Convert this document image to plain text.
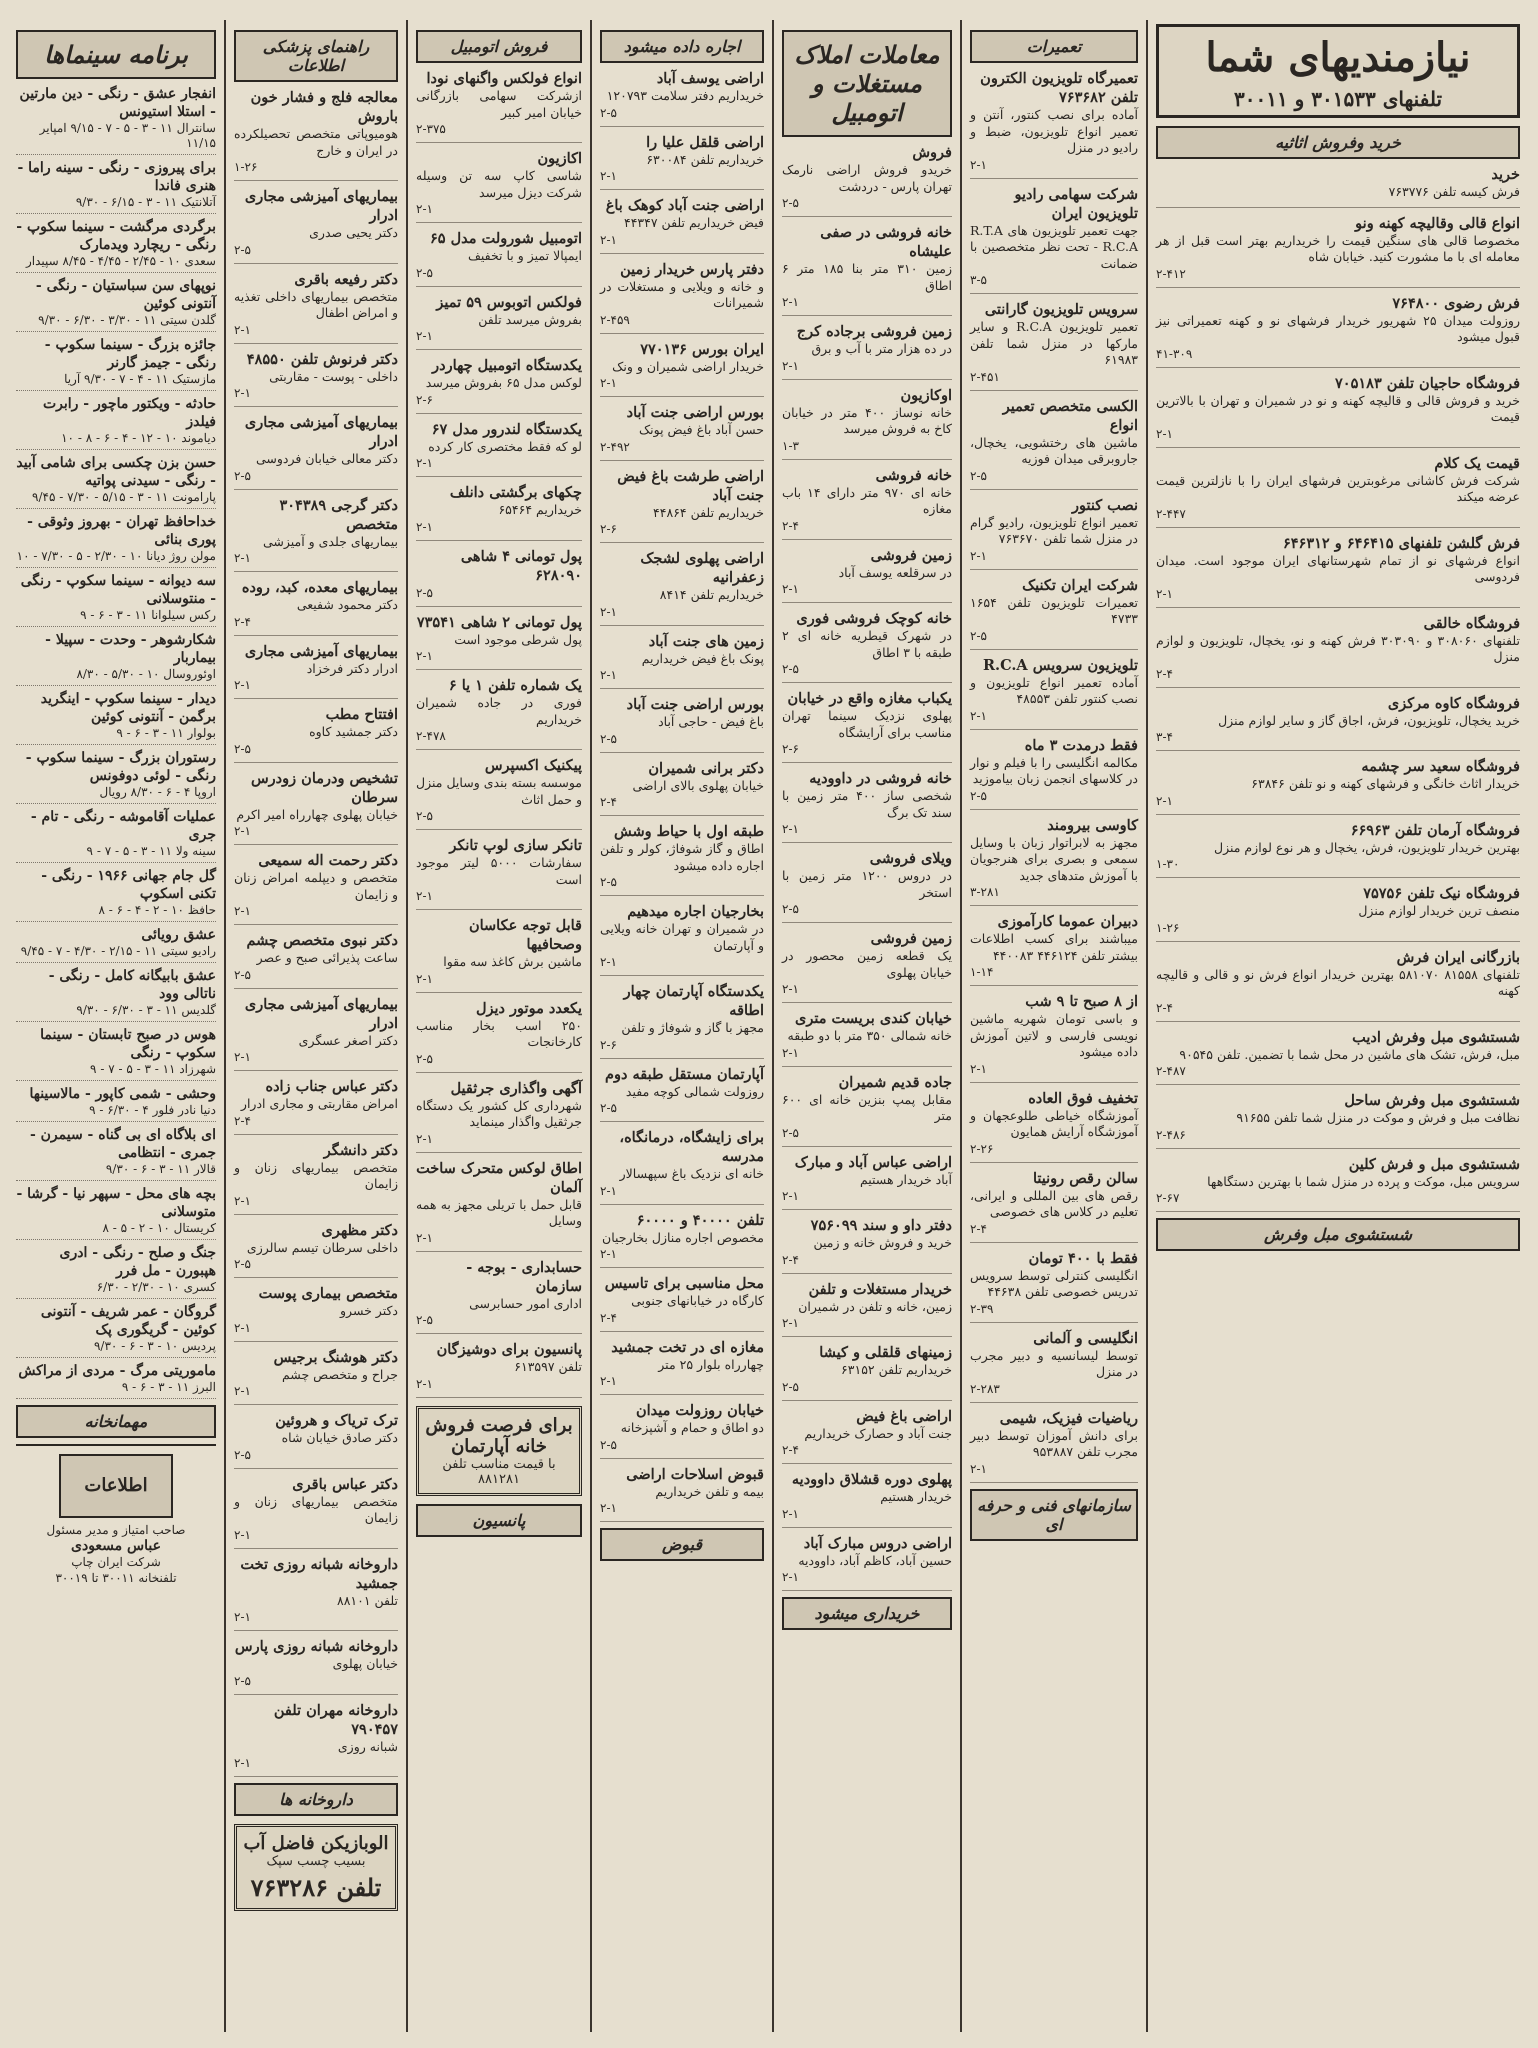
نیازمندیهای شما
تلفنهای ۳۰۱۵۳۳ و ۳۰۰۱۱
خرید وفروش اثاثیه
خرید
فرش کیسه تلفن ۷۶۳۷۷۶
انواع قالی وقالیچه کهنه ونو
مخصوصا قالی های سنگین قیمت را خریداریم بهتر است قبل از هر معامله ای با ما مشورت کنید. خیابان شاه
۲-۴۱۲
فرش رضوی ۷۶۴۸۰۰
روزولت میدان ۲۵ شهریور خریدار فرشهای نو و کهنه تعمیراتی نیز قبول میشود
۴۱-۳۰۹
فروشگاه حاجیان تلفن ۷۰۵۱۸۳
خرید و فروش قالی و قالیچه کهنه و نو در شمیران و تهران با بالاترین قیمت
۲-۱
قیمت یک کلام
شرکت فرش کاشانی مرغوبترین فرشهای ایران را با نازلترین قیمت عرضه میکند
۲-۴۴۷
فرش گلشن تلفنهای ۶۴۶۴۱۵ و ۶۴۶۳۱۲
انواع فرشهای نو از تمام شهرستانهای ایران موجود است. میدان فردوسی
۲-۱
فروشگاه خالقی
تلفنهای ۳۰۸۰۶۰ و ۳۰۳۰۹۰ فرش کهنه و نو، یخچال، تلویزیون و لوازم منزل
۲-۴
فروشگاه کاوه مرکزی
خرید یخچال، تلویزیون، فرش، اجاق گاز و سایر لوازم منزل
۳-۴
فروشگاه سعید سر چشمه
خریدار اثاث خانگی و فرشهای کهنه و نو تلفن ۶۳۸۴۶
۲-۱
فروشگاه آرمان تلفن ۶۶۹۶۳
بهترین خریدار تلویزیون، فرش، یخچال و هر نوع لوازم منزل
۱-۳۰
فروشگاه نیک تلفن ۷۵۷۵۶
منصف ترین خریدار لوازم منزل
۱-۲۶
بازرگانی ایران فرش
تلفنهای ۸۱۵۵۸ ۵۸۱۰۷۰ بهترین خریدار انواع فرش نو و قالی و قالیچه کهنه
۲-۴
شستشوی مبل وفرش ادیب
مبل، فرش، تشک های ماشین در محل شما با تضمین. تلفن ۹۰۵۴۵
۲-۴۸۷
شستشوی مبل وفرش ساحل
نظافت مبل و فرش و موکت در منزل شما تلفن ۹۱۶۵۵
۲-۴۸۶
شستشوی مبل و فرش کلین
سرویس مبل، موکت و پرده در منزل شما با بهترین دستگاهها
۲-۶۷
شستشوی مبل وفرش
تعمیرات
تعمیرگاه تلویزیون الکترون تلفن ۷۶۳۶۸۲
آماده برای نصب کنتور، آنتن و تعمیر انواع تلویزیون، ضبط و رادیو در منزل
۲-۱
شرکت سهامی رادیو تلویزیون ایران
جهت تعمیر تلویزیون های R.T.A - R.C.A تحت نظر متخصصین با ضمانت
۳-۵
سرویس تلویزیون گارانتی
تعمیر تلویزیون R.C.A و سایر مارکها در منزل شما تلفن ۶۱۹۸۳
۲-۴۵۱
الکسی متخصص تعمیر انواع
ماشین های رختشویی، یخچال، جاروبرقی میدان فوزیه
۲-۵
نصب کنتور
تعمیر انواع تلویزیون، رادیو گرام در منزل شما تلفن ۷۶۳۶۷۰
۲-۱
شرکت ایران تکنیک
تعمیرات تلویزیون تلفن ۱۶۵۴ ۴۷۳۳
۲-۵
تلویزیون سرویس R.C.A
آماده تعمیر انواع تلویزیون و نصب کنتور تلفن ۴۸۵۵۳
۲-۱
فقط درمدت ۳ ماه
مکالمه انگلیسی را با فیلم و نوار در کلاسهای انجمن زبان بیاموزید
۲-۵
کاوسی بیرومند
مجهز به لابراتوار زبان با وسایل سمعی و بصری برای هنرجویان با آموزش متدهای جدید
۳-۲۸۱
دبیران عموما کارآموزی
میباشند برای کسب اطلاعات بیشتر تلفن ۴۴۶۱۲۴ ۴۴۰۰۸۳
۱-۱۴
از ۸ صبح تا ۹ شب
و باسی تومان شهریه ماشین نویسی فارسی و لاتین آموزش داده میشود
۲-۱
تخفیف فوق العاده
آموزشگاه خیاطی طلوعجهان و آموزشگاه آرایش همایون
۲-۲۶
سالن رقص رونیتا
رقص های بین المللی و ایرانی، تعلیم در کلاس های خصوصی
۲-۴
فقط با ۴۰۰ تومان
انگلیسی کنترلی توسط سرویس تدریس خصوصی تلفن ۴۴۶۳۸
۲-۳۹
انگلیسی و آلمانی
توسط لیسانسیه و دبیر مجرب در منزل
۲-۲۸۳
ریاضیات فیزیک، شیمی
برای دانش آموزان توسط دبیر مجرب تلفن ۹۵۳۸۸۷
۲-۱
سازمانهای فنی و حرفه ای
معاملات املاک مستغلات و اتومبیل
فروش
خریدو فروش اراضی نارمک تهران پارس - دردشت
۲-۵
خانه فروشی در صفی علیشاه
زمین ۳۱۰ متر بنا ۱۸۵ متر ۶ اطاق
۲-۱
زمین فروشی برجاده کرج
در ده هزار متر با آب و برق
۲-۱
اوکازیون
خانه نوساز ۴۰۰ متر در خیابان کاخ به فروش میرسد
۱-۳
خانه فروشی
خانه ای ۹۷۰ متر دارای ۱۴ باب مغازه
۲-۴
زمین فروشی
در سرقلعه یوسف آباد
۲-۱
خانه کوچک فروشی فوری
در شهرک قیطریه خانه ای ۲ طبقه با ۳ اطاق
۲-۵
یکباب مغازه واقع در خیابان
پهلوی نزدیک سینما تهران مناسب برای آرایشگاه
۲-۶
خانه فروشی در داوودیه
شخصی ساز ۴۰۰ متر زمین با سند تک برگ
۲-۱
ویلای فروشی
در دروس ۱۲۰۰ متر زمین با استخر
۲-۵
زمین فروشی
یک قطعه زمین محصور در خیابان پهلوی
۲-۱
خیابان کندی بریست متری
خانه شمالی ۳۵۰ متر با دو طبقه
۲-۱
جاده قدیم شمیران
مقابل پمپ بنزین خانه ای ۶۰۰ متر
۲-۵
اراضی عباس آباد و مبارک
آباد خریدار هستیم
۲-۱
دفتر داو و سند ۷۵۶۰۹۹
خرید و فروش خانه و زمین
۲-۴
خریدار مستغلات و تلفن
زمین، خانه و تلفن در شمیران
۲-۱
زمینهای قلقلی و کیشا
خریداریم تلفن ۶۳۱۵۲
۲-۵
اراضی باغ فیض
جنت آباد و حصارک خریداریم
۲-۴
پهلوی دوره قشلاق داوودیه
خریدار هستیم
۲-۱
اراضی دروس مبارک آباد
حسین آباد، کاظم آباد، داوودیه
۲-۱
خریداری میشود
اجاره داده میشود
اراضی یوسف آباد
خریداریم دفتر سلامت ۱۲۰۷۹۳
۲-۵
اراضی قلقل علیا را
خریداریم تلفن ۶۳۰۰۸۴
۲-۱
اراضی جنت آباد کوهک باغ
فیض خریداریم تلفن ۴۴۳۴۷
۲-۱
دفتر پارس خریدار زمین
و خانه و ویلایی و مستغلات در شمیرانات
۲-۴۵۹
ایران بورس ۷۷۰۱۳۶
خریدار اراضی شمیران و ونک
۲-۱
بورس اراضی جنت آباد
حسن آباد باغ فیض پونک
۲-۴۹۲
اراضی طرشت باغ فیض جنت آباد
خریداریم تلفن ۴۴۸۶۴
۲-۶
اراضی پهلوی لشجک زعفرانیه
خریداریم تلفن ۸۴۱۴
۲-۱
زمین های جنت آباد
پونک باغ فیض خریداریم
۲-۱
بورس اراضی جنت آباد
باغ فیض - حاجی آباد
۲-۵
دکتر برانی شمیران
خیابان پهلوی بالای اراضی
۲-۴
طبقه اول با حیاط وشش
اطاق و گاز شوفاژ، کولر و تلفن اجاره داده میشود
۲-۵
بخارجیان اجاره میدهیم
در شمیران و تهران خانه ویلایی و آپارتمان
۲-۱
یکدستگاه آپارتمان چهار اطاقه
مجهز با گاز و شوفاژ و تلفن
۲-۶
آپارتمان مستقل طبقه دوم
روزولت شمالی کوچه مفید
۲-۵
برای زایشگاه، درمانگاه، مدرسه
خانه ای نزدیک باغ سپهسالار
۲-۱
تلفن ۴۰۰۰۰ و ۶۰۰۰۰
مخصوص اجاره منازل بخارجیان
۲-۱
محل مناسبی برای تاسیس
کارگاه در خیابانهای جنوبی
۲-۴
مغازه ای در تخت جمشید
چهارراه بلوار ۲۵ متر
۲-۱
خیابان روزولت میدان
دو اطاق و حمام و آشپزخانه
۲-۵
قبوض اسلاحات اراضی
بیمه و تلفن خریداریم
۲-۱
قبوض
فروش اتومبیل
انواع فولکس واگنهای نودا
ازشرکت سهامی بازرگانی خیابان امیر کبیر
۲-۳۷۵
اکازیون
شاسی کاپ سه تن وسیله شرکت دیزل میرسد
۲-۱
اتومبیل شورولت مدل ۶۵
ایمپالا تمیز و با تخفیف
۲-۵
فولکس اتوبوس ۵۹ تمیز
بفروش میرسد تلفن
۲-۱
یکدستگاه اتومبیل چهاردر
لوکس مدل ۶۵ بفروش میرسد
۲-۶
یکدستگاه لندرور مدل ۶۷
لو که فقط مختصری کار کرده
۲-۱
چکهای برگشتی دانلف
خریداریم ۶۵۴۶۴
۲-۱
پول تومانی ۴ شاهی ۶۲۸۰۹۰
۲-۵
پول تومانی ۲ شاهی ۷۳۵۴۱
پول شرطی موجود است
۲-۱
یک شماره تلفن ۱ یا ۶
فوری در جاده شمیران خریداریم
۲-۴۷۸
پیکنیک اکسپرس
موسسه بسته بندی وسایل منزل و حمل اثاث
۲-۵
تانکر سازی لوپ تانکر
سفارشات ۵۰۰۰ لیتر موجود است
۲-۱
قابل توجه عکاسان وصحافیها
ماشین برش کاغذ سه مقوا
۲-۱
یکعدد موتور دیزل
۲۵۰ اسب بخار مناسب کارخانجات
۲-۵
آگهی واگذاری جرثقیل
شهرداری کل کشور یک دستگاه جرثقیل واگذار مینماید
۲-۱
اطاق لوکس متحرک ساخت آلمان
قابل حمل با تریلی مجهز به همه وسایل
۲-۱
حسابداری - بوجه - سازمان
اداری امور حسابرسی
۲-۵
پانسیون برای دوشیزگان
تلفن ۶۱۳۵۹۷
۲-۱
برای فرصت فروش خانه آپارتمان
با قیمت مناسب تلفن ۸۸۱۲۸۱
پانسیون
راهنمای پزشکی اطلاعات
معالجه فلج و فشار خون باروش
هومیوپاتی متخصص تحصیلکرده در ایران و خارج
۱-۲۶
بیماریهای آمیزشی مجاری ادرار
دکتر یحیی صدری
۲-۵
دکتر رفیعه باقری
متخصص بیماریهای داخلی تغذیه و امراض اطفال
۲-۱
دکتر فرنوش تلفن ۴۸۵۵۰
داخلی - پوست - مقاربتی
۲-۱
بیماریهای آمیزشی مجاری ادرار
دکتر معالی خیابان فردوسی
۲-۵
دکتر گرجی ۳۰۴۳۸۹ متخصص
بیماریهای جلدی و آمیزشی
۲-۱
بیماریهای معده، کبد، روده
دکتر محمود شفیعی
۲-۴
بیماریهای آمیزشی مجاری
ادرار دکتر فرخزاد
۲-۱
افتتاح مطب
دکتر جمشید کاوه
۲-۵
تشخیص ودرمان زودرس سرطان
خیابان پهلوی چهارراه امیر اکرم
۲-۱
دکتر رحمت اله سمیعی
متخصص و دیپلمه امراض زنان و زایمان
۲-۱
دکتر نبوی متخصص چشم
ساعت پذیرائی صبح و عصر
۲-۵
بیماریهای آمیزشی مجاری ادرار
دکتر اصغر عسگری
۲-۱
دکتر عباس جناب زاده
امراض مقاربتی و مجاری ادرار
۲-۴
دکتر دانشگر
متخصص بیماریهای زنان و زایمان
۲-۱
دکتر مظهری
داخلی سرطان تیسم سالرزی
۲-۵
متخصص بیماری پوست
دکتر خسرو
۲-۱
دکتر هوشنگ برجیس
جراح و متخصص چشم
۲-۱
ترک تریاک و هروئین
دکتر صادق خیابان شاه
۲-۵
دکتر عباس باقری
متخصص بیماریهای زنان و زایمان
۲-۱
داروخانه شبانه روزی تخت جمشید
تلفن ۸۸۱۰۱
۲-۱
داروخانه شبانه روزی پارس
خیابان پهلوی
۲-۵
داروخانه مهران تلفن ۷۹۰۴۵۷
شبانه روزی
۲-۱
داروخانه ها
الوبازیکن فاضل آب
بسیب چسب سپک
تلفن ۷۶۳۲۸۶
برنامه سینماها
انفجار عشق - رنگی - دین مارتین - استلا استیونس
سانترال ۱۱ - ۳ - ۵ - ۷ - ۹/۱۵ امپایر ۱۱/۱۵
برای پیروزی - رنگی - سینه راما - هنری فاندا
آتلانتیک ۱۱ - ۳ - ۶/۱۵ - ۹/۳۰
برگردی مرگشت - سینما سکوپ - رنگی - ریچارد ویدمارک
سعدی ۱۰ - ۲/۴۵ - ۴/۴۵ - ۸/۴۵ سپیدار
نوپهای سن سباستیان - رنگی - آنتونی کوئین
گلدن سیتی ۱۱ - ۳/۳۰ - ۶/۳۰ - ۹/۳۰
جائزه بزرگ - سینما سکوپ - رنگی - جیمز گارنر
مازستیک ۱۱ - ۴ - ۷ - ۹/۳۰ آریا
حادثه - ویکتور ماچور - رابرت فیلدز
دیاموند ۱۰ - ۱۲ - ۴ - ۶ - ۸ - ۱۰
حسن بزن چکسی برای شامی آبید - رنگی - سیدنی پواتیه
پارامونت ۱۱ - ۳ - ۵/۱۵ - ۷/۳۰ - ۹/۴۵
خداحافظ تهران - بهروز وثوقی - پوری بنائی
مولن روژ دیانا ۱۰ - ۲/۳۰ - ۵ - ۷/۳۰ - ۱۰
سه دیوانه - سینما سکوپ - رنگی - منتوسلانی
ركس سیلوانا ۱۱ - ۳ - ۶ - ۹
شکارشوهر - وحدت - سپیلا - بیماربار
اوئوروسال ۱۰ - ۵/۳۰ - ۸/۳۰
دیدار - سینما سکوپ - اینگرید برگمن - آنتونی کوئین
بولوار ۱۱ - ۳ - ۶ - ۹
رستوران بزرگ - سینما سکوپ - رنگی - لوئی دوفونس
اروپا ۴ - ۶ - ۸/۳۰ رویال
عملیات آقاموشه - رنگی - تام - جری
سینه ولا ۱۱ - ۳ - ۵ - ۷ - ۹
گل جام جهانی ۱۹۶۶ - رنگی - تکنی اسکوپ
حافظ ۱۰ - ۲ - ۴ - ۶ - ۸
عشق رویائی
رادیو سیتی ۱۱ - ۲/۱۵ - ۴/۳۰ - ۷ - ۹/۴۵
عشق بابیگانه کامل - رنگی - ناتالی وود
گلدیس ۱۱ - ۳ - ۶/۳۰ - ۹/۳۰
هوس در صبح تابستان - سینما سکوپ - رنگی
شهرزاد ۱۱ - ۳ - ۵ - ۷ - ۹
وحشی - شمی کاپور - مالاسینها
دنیا نادر فلور ۴ - ۶/۳۰ - ۹
ای بلاگاه ای بی گناه - سیمرن - جمری - انتظامی
قالار ۱۱ - ۳ - ۶ - ۹/۳۰
بچه های محل - سپهر نیا - گرشا - متوسلانی
کریستال ۱۰ - ۲ - ۵ - ۸
جنگ و صلح - رنگی - ادری هپبورن - مل فرر
کسری ۱۰ - ۲/۳۰ - ۶/۳۰
گروگان - عمر شریف - آنتونی کوئین - گریگوری پک
پردیس ۱۰ - ۳ - ۶ - ۹/۳۰
ماموریتی مرگ - مردی از مراکش
البرز ۱۱ - ۳ - ۶ - ۹
مهمانخانه
اطلاعات
صاحب امتیاز و مدیر مسئول
عباس مسعودی
شرکت ایران چاپ
تلفنخانه ۳۰۰۱۱ تا ۳۰۰۱۹
